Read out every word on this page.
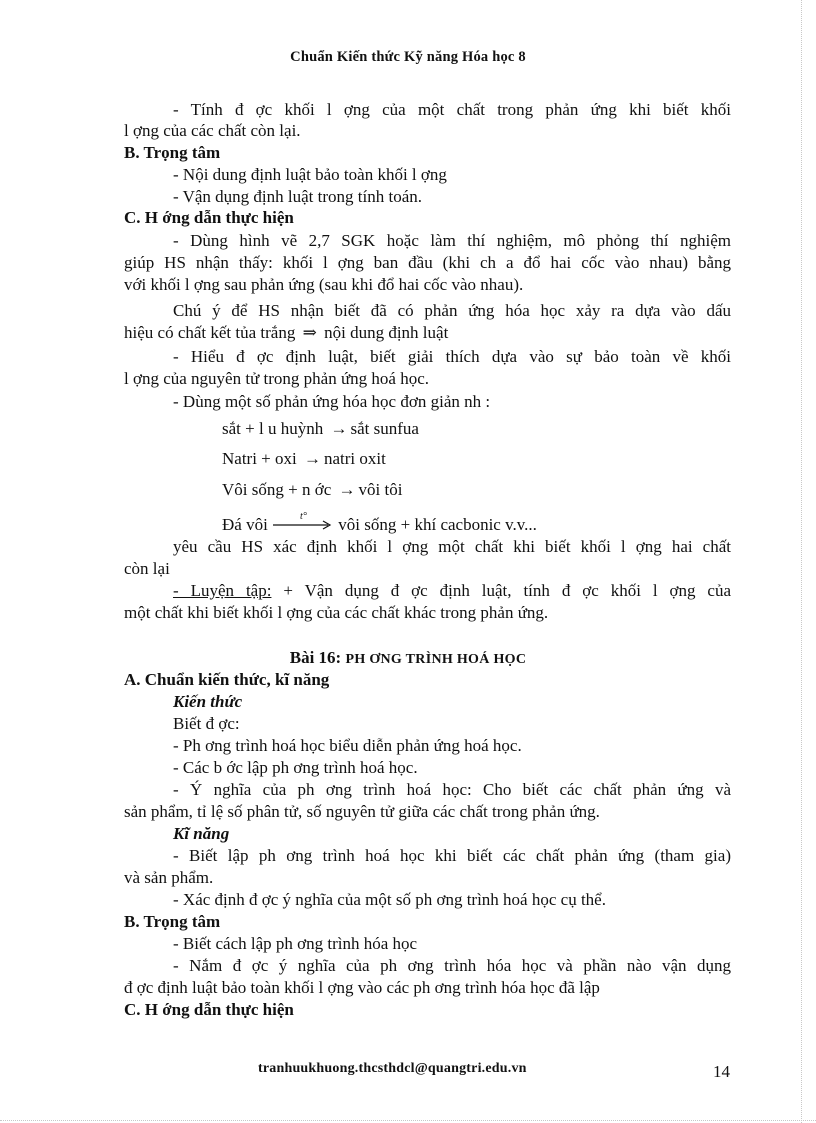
Chuẩn Kiến thức Kỹ năng Hóa học 8
- Tính đ ợc khối l ợng của một chất trong phản ứng khi biết khối
l ợng của các chất còn lại.
B. Trọng tâm
- Nội dung định luật bảo toàn khối l ợng
- Vận dụng định luật trong tính toán.
C. H ớng dẫn thực hiện
- Dùng hình vẽ 2,7 SGK hoặc làm thí nghiệm, mô phỏng thí nghiệm
giúp HS nhận thấy: khối l ợng ban đầu (khi ch a đổ hai cốc vào nhau) bằng
với khối l ợng sau phản ứng (sau khi đổ hai cốc vào nhau).
Chú ý để HS nhận biết đã có phản ứng hóa học xảy ra dựa vào dấu
hiệu có chất kết tủa trắng ⇒ nội dung định luật
- Hiểu đ ợc định luật, biết giải thích dựa vào sự bảo toàn về khối
l ợng của nguyên tử trong phản ứng hoá học.
- Dùng một số phản ứng hóa học đơn giản nh :
sắt + l u huỳnh → sắt sunfua
Natri + oxi → natri oxit
Vôi sống + n ớc → vôi tôi
Đá vôi	t° vôi sống + khí cacbonic v.v...
yêu cầu HS xác định khối l ợng một chất khi biết khối l ợng hai chất
còn lại
- Luyện tập: + Vận dụng đ ợc định luật, tính đ ợc khối l ợng của
một chất khi biết khối l ợng của các chất khác trong phản ứng.
Bài 16: PH ƠNG TRÌNH HOÁ HỌC
A. Chuẩn kiến thức, kĩ năng
Kiến thức
Biết đ ợc:
- Ph ơng trình hoá học biểu diễn phản ứng hoá học.
- Các b ớc lập ph ơng trình hoá học.
- Ý nghĩa của ph ơng trình hoá học: Cho biết các chất phản ứng và
sản phẩm, tỉ lệ số phân tử, số nguyên tử giữa các chất trong phản ứng.
Kĩ năng
- Biết lập ph ơng trình hoá học khi biết các chất phản ứng (tham gia)
và sản phẩm.
- Xác định đ ợc ý nghĩa của một số ph ơng trình hoá học cụ thể.
B. Trọng tâm
- Biết cách lập ph ơng trình hóa học
- Nắm đ ợc ý nghĩa của ph ơng trình hóa học và phần nào vận dụng
đ ợc định luật bảo toàn khối l ợng vào các ph ơng trình hóa học đã lập
C. H ớng dẫn thực hiện
tranhuukhuong.thcsthdcl@quangtri.edu.vn	14
